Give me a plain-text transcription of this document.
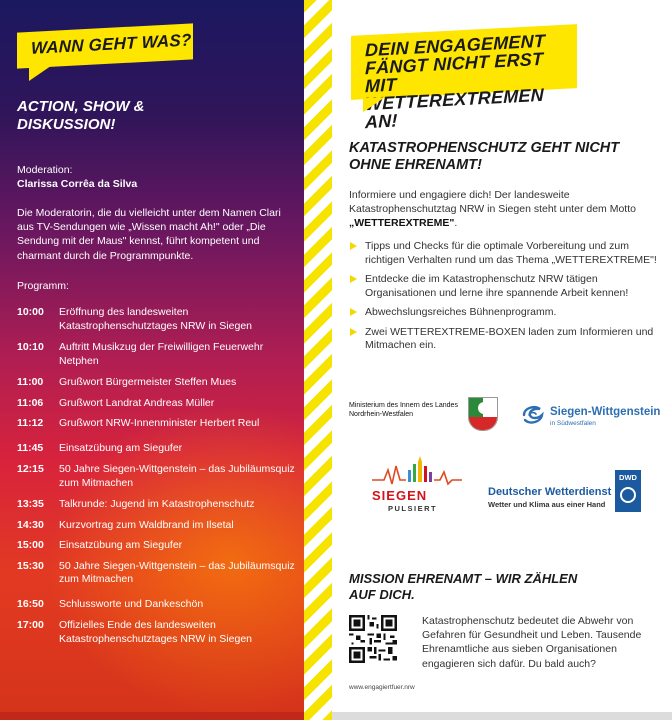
WANN GEHT WAS?
ACTION, SHOW & DISKUSSION!
Moderation:
Clarissa Corrêa da Silva

Die Moderatorin, die du vielleicht unter dem Namen Clari aus TV-Sendungen wie „Wissen macht Ah!" oder „Die Sendung mit der Maus" kennst, führt kompetent und charmant durch die Programmpunkte.

Programm:
10:00	Eröffnung des landesweiten Katastrophenschutztages NRW in Siegen
10:10	Auftritt Musikzug der Freiwilligen Feuerwehr Netphen
11:00	Grußwort Bürgermeister Steffen Mues
11:06	Grußwort Landrat Andreas Müller
11:12	Grußwort NRW-Innenminister Herbert Reul
11:45	Einsatzübung am Siegufer
12:15	50 Jahre Siegen-Wittgenstein – das Jubiläumsquiz zum Mitmachen
13:35	Talkrunde: Jugend im Katastrophenschutz
14:30	Kurzvortrag zum Waldbrand im Ilsetal
15:00	Einsatzübung am Siegufer
15:30	50 Jahre Siegen-Wittgenstein – das Jubiläumsquiz zum Mitmachen
16:50	Schlussworte und Dankeschön
17:00	Offizielles Ende des landesweiten Katastrophenschutztages NRW in Siegen
DEIN ENGAGEMENT FÄNGT NICHT ERST MIT WETTEREXTREMEN AN!
KATASTROPHENSCHUTZ GEHT NICHT OHNE EHRENAMT!

Informiere und engagiere dich! Der landesweite Katastrophenschutztag NRW in Siegen steht unter dem Motto „WETTEREXTREME".

Tipps und Checks für die optimale Vorbereitung und zum richtigen Verhalten rund um das Thema „WETTEREXTREME"!
Entdecke die im Katastrophenschutz NRW tätigen Organisationen und lerne ihre spannende Arbeit kennen!
Abwechslungsreiches Bühnenprogramm.
Zwei WETTEREXTREME-BOXEN laden zum Informieren und Mitmachen ein.
Ministerium des Innern des Landes Nordrhein-Westfalen	Siegen-Wittgenstein
in Südwestfalen
SIEGEN
PULSIERT
Deutscher Wetterdienst
Wetter und Klima aus einer Hand
DWD
MISSION EHRENAMT – WIR ZÄHLEN AUF DICH.
www.engagiertfuer.nrw

Katastrophenschutz bedeutet die Abwehr von Gefahren für Gesundheit und Leben. Tausende Ehrenamtliche aus sieben Organisationen engagieren sich dafür. Du bald auch?
